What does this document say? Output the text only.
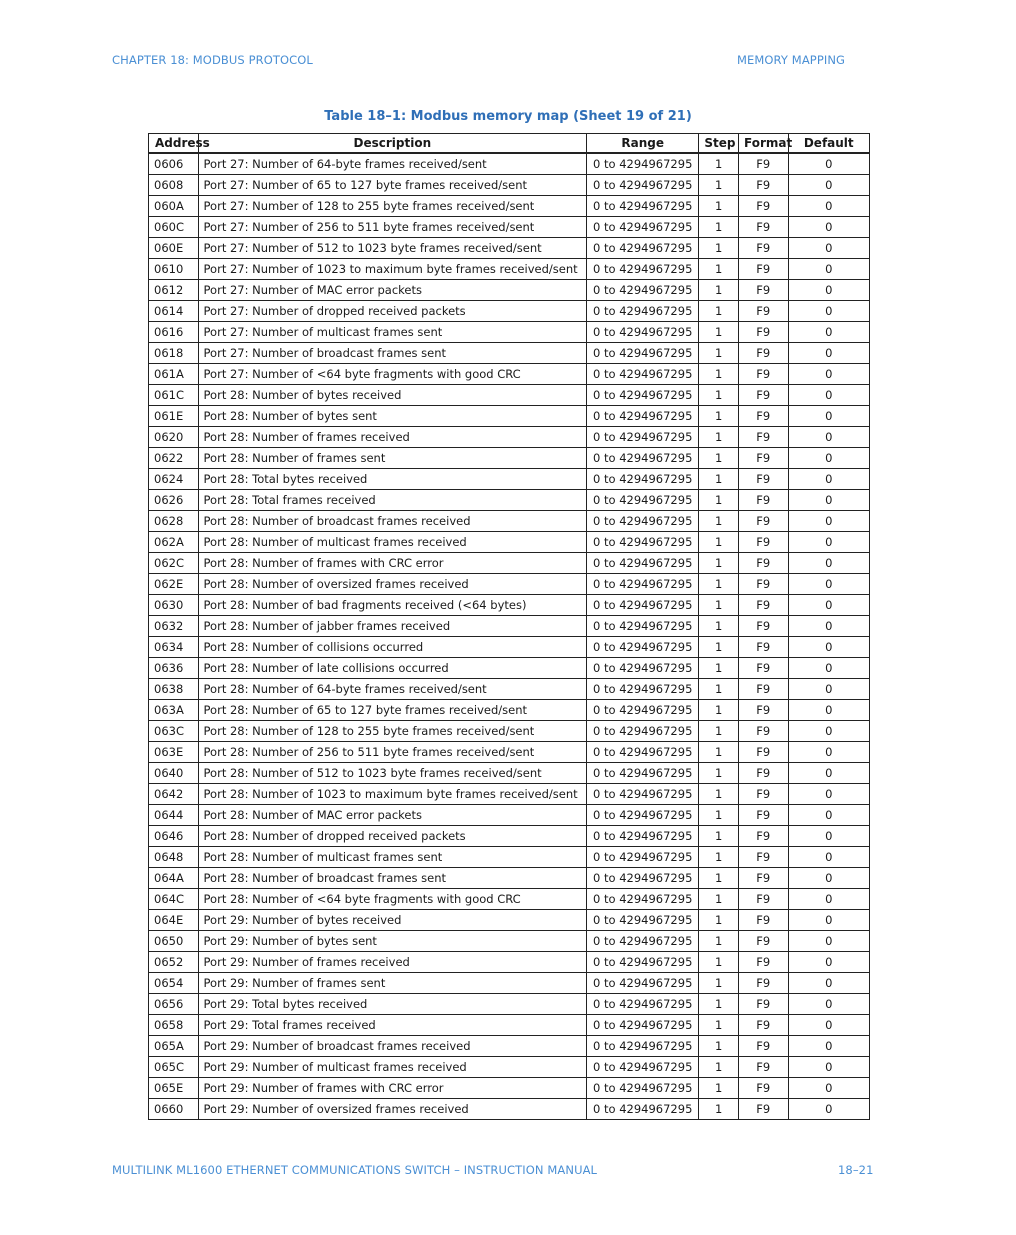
CHAPTER 18: MODBUS PROTOCOL	MEMORY MAPPING
Table 18–1: Modbus memory map (Sheet 19 of 21)
Address	Description	Range	Step	Format	Default
0606	Port 27: Number of 64-byte frames received/sent	0 to 4294967295	1	F9	0
0608	Port 27: Number of 65 to 127 byte frames received/sent	0 to 4294967295	1	F9	0
060A	Port 27: Number of 128 to 255 byte frames received/sent	0 to 4294967295	1	F9	0
060C	Port 27: Number of 256 to 511 byte frames received/sent	0 to 4294967295	1	F9	0
060E	Port 27: Number of 512 to 1023 byte frames received/sent	0 to 4294967295	1	F9	0
0610	Port 27: Number of 1023 to maximum byte frames received/sent	0 to 4294967295	1	F9	0
0612	Port 27: Number of MAC error packets	0 to 4294967295	1	F9	0
0614	Port 27: Number of dropped received packets	0 to 4294967295	1	F9	0
0616	Port 27: Number of multicast frames sent	0 to 4294967295	1	F9	0
0618	Port 27: Number of broadcast frames sent	0 to 4294967295	1	F9	0
061A	Port 27: Number of <64 byte fragments with good CRC	0 to 4294967295	1	F9	0
061C	Port 28: Number of bytes received	0 to 4294967295	1	F9	0
061E	Port 28: Number of bytes sent	0 to 4294967295	1	F9	0
0620	Port 28: Number of frames received	0 to 4294967295	1	F9	0
0622	Port 28: Number of frames sent	0 to 4294967295	1	F9	0
0624	Port 28: Total bytes received	0 to 4294967295	1	F9	0
0626	Port 28: Total frames received	0 to 4294967295	1	F9	0
0628	Port 28: Number of broadcast frames received	0 to 4294967295	1	F9	0
062A	Port 28: Number of multicast frames received	0 to 4294967295	1	F9	0
062C	Port 28: Number of frames with CRC error	0 to 4294967295	1	F9	0
062E	Port 28: Number of oversized frames received	0 to 4294967295	1	F9	0
0630	Port 28: Number of bad fragments received (<64 bytes)	0 to 4294967295	1	F9	0
0632	Port 28: Number of jabber frames received	0 to 4294967295	1	F9	0
0634	Port 28: Number of collisions occurred	0 to 4294967295	1	F9	0
0636	Port 28: Number of late collisions occurred	0 to 4294967295	1	F9	0
0638	Port 28: Number of 64-byte frames received/sent	0 to 4294967295	1	F9	0
063A	Port 28: Number of 65 to 127 byte frames received/sent	0 to 4294967295	1	F9	0
063C	Port 28: Number of 128 to 255 byte frames received/sent	0 to 4294967295	1	F9	0
063E	Port 28: Number of 256 to 511 byte frames received/sent	0 to 4294967295	1	F9	0
0640	Port 28: Number of 512 to 1023 byte frames received/sent	0 to 4294967295	1	F9	0
0642	Port 28: Number of 1023 to maximum byte frames received/sent	0 to 4294967295	1	F9	0
0644	Port 28: Number of MAC error packets	0 to 4294967295	1	F9	0
0646	Port 28: Number of dropped received packets	0 to 4294967295	1	F9	0
0648	Port 28: Number of multicast frames sent	0 to 4294967295	1	F9	0
064A	Port 28: Number of broadcast frames sent	0 to 4294967295	1	F9	0
064C	Port 28: Number of <64 byte fragments with good CRC	0 to 4294967295	1	F9	0
064E	Port 29: Number of bytes received	0 to 4294967295	1	F9	0
0650	Port 29: Number of bytes sent	0 to 4294967295	1	F9	0
0652	Port 29: Number of frames received	0 to 4294967295	1	F9	0
0654	Port 29: Number of frames sent	0 to 4294967295	1	F9	0
0656	Port 29: Total bytes received	0 to 4294967295	1	F9	0
0658	Port 29: Total frames received	0 to 4294967295	1	F9	0
065A	Port 29: Number of broadcast frames received	0 to 4294967295	1	F9	0
065C	Port 29: Number of multicast frames received	0 to 4294967295	1	F9	0
065E	Port 29: Number of frames with CRC error	0 to 4294967295	1	F9	0
0660	Port 29: Number of oversized frames received	0 to 4294967295	1	F9	0
MULTILINK ML1600 ETHERNET COMMUNICATIONS SWITCH – INSTRUCTION MANUAL	18–21
